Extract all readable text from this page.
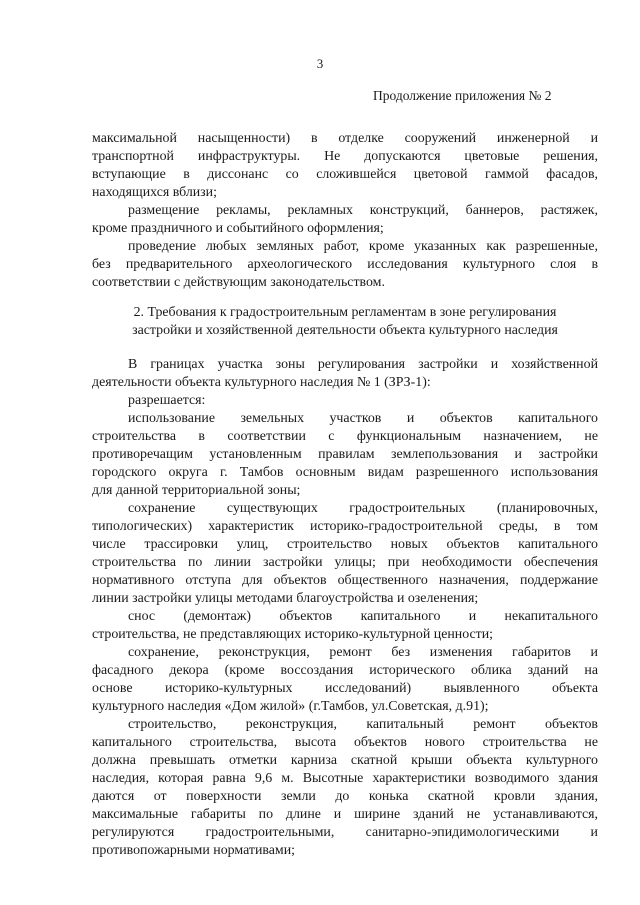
3
Продолжение приложения № 2
максимальной насыщенности) в отделке сооружений инженерной и
транспортной инфраструктуры. Не допускаются цветовые решения,
вступающие в диссонанс со сложившейся цветовой гаммой фасадов,
находящихся вблизи;
размещение рекламы, рекламных конструкций, баннеров, растяжек,
кроме праздничного и событийного оформления;
проведение любых земляных работ, кроме указанных как разрешенные,
без предварительного археологического исследования культурного слоя в
соответствии с действующим законодательством.
2. Требования к градостроительным регламентам в зоне регулирования
застройки и хозяйственной деятельности объекта культурного наследия
В границах участка зоны регулирования застройки и хозяйственной
деятельности объекта культурного наследия № 1 (ЗРЗ-1):
разрешается:
использование земельных участков и объектов капитального
строительства в соответствии с функциональным назначением, не
противоречащим установленным правилам землепользования и застройки
городского округа г. Тамбов основным видам разрешенного использования
для данной территориальной зоны;
сохранение существующих градостроительных (планировочных,
типологических) характеристик историко-градостроительной среды, в том
числе трассировки улиц, строительство новых объектов капитального
строительства по линии застройки улицы; при необходимости обеспечения
нормативного отступа для объектов общественного назначения, поддержание
линии застройки улицы методами благоустройства и озеленения;
снос (демонтаж) объектов капитального и некапитального
строительства, не представляющих историко-культурной ценности;
сохранение, реконструкция, ремонт без изменения габаритов и
фасадного декора (кроме воссоздания исторического облика зданий на
основе историко-культурных исследований) выявленного объекта
культурного наследия «Дом жилой» (г.Тамбов, ул.Советская, д.91);
строительство, реконструкция, капитальный ремонт объектов
капитального строительства, высота объектов нового строительства не
должна превышать отметки карниза скатной крыши объекта культурного
наследия, которая равна 9,6 м. Высотные характеристики возводимого здания
даются от поверхности земли до конька скатной кровли здания,
максимальные габариты по длине и ширине зданий не устанавливаются,
регулируются градостроительными, санитарно-эпидимологическими и
противопожарными нормативами;
